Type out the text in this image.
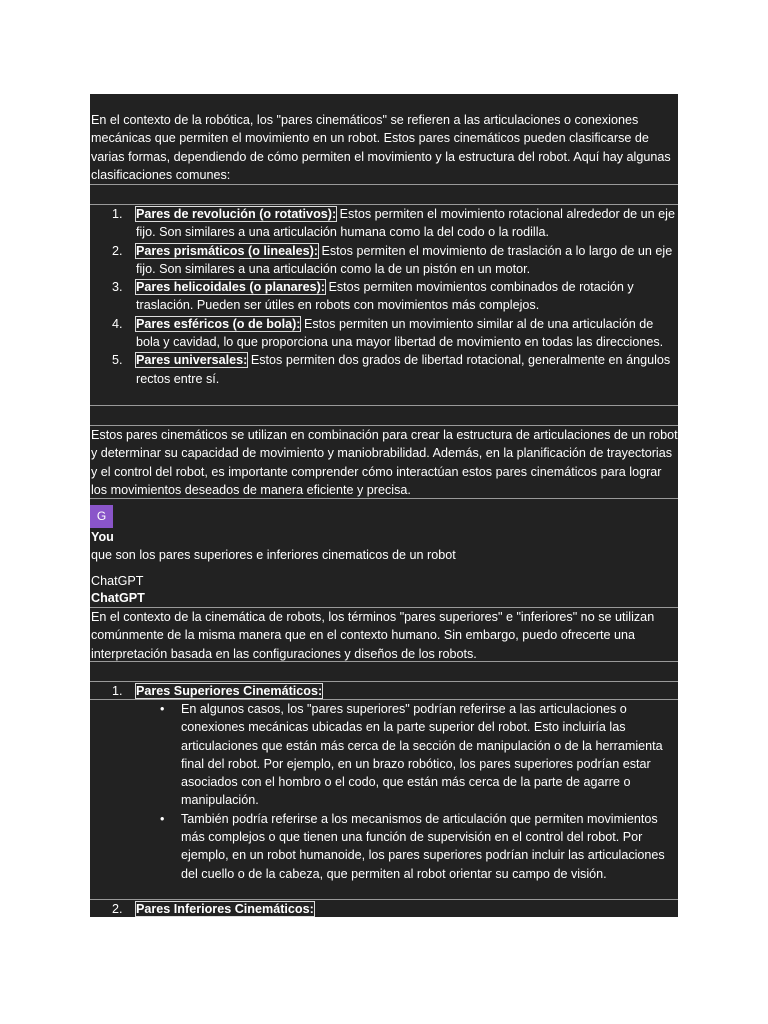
En el contexto de la robótica, los "pares cinemáticos" se refieren a las articulaciones o conexiones mecánicas que permiten el movimiento en un robot. Estos pares cinemáticos pueden clasificarse de varias formas, dependiendo de cómo permiten el movimiento y la estructura del robot. Aquí hay algunas clasificaciones comunes:
1.	Pares de revolución (o rotativos): Estos permiten el movimiento rotacional alrededor de un eje fijo. Son similares a una articulación humana como la del codo o la rodilla.
2.	Pares prismáticos (o lineales): Estos permiten el movimiento de traslación a lo largo de un eje fijo. Son similares a una articulación como la de un pistón en un motor.
3.	Pares helicoidales (o planares): Estos permiten movimientos combinados de rotación y traslación. Pueden ser útiles en robots con movimientos más complejos.
4.	Pares esféricos (o de bola): Estos permiten un movimiento similar al de una articulación de bola y cavidad, lo que proporciona una mayor libertad de movimiento en todas las direcciones.
5.	Pares universales: Estos permiten dos grados de libertad rotacional, generalmente en ángulos rectos entre sí.
Estos pares cinemáticos se utilizan en combinación para crear la estructura de articulaciones de un robot y determinar su capacidad de movimiento y maniobrabilidad. Además, en la planificación de trayectorias y el control del robot, es importante comprender cómo interactúan estos pares cinemáticos para lograr los movimientos deseados de manera eficiente y precisa.
G
You
que son los pares superiores e inferiores cinematicos de un robot
ChatGPT
ChatGPT
En el contexto de la cinemática de robots, los términos "pares superiores" e "inferiores" no se utilizan comúnmente de la misma manera que en el contexto humano. Sin embargo, puedo ofrecerte una interpretación basada en las configuraciones y diseños de los robots.
1.	Pares Superiores Cinemáticos:
• En algunos casos, los "pares superiores" podrían referirse a las articulaciones o conexiones mecánicas ubicadas en la parte superior del robot. Esto incluiría las articulaciones que están más cerca de la sección de manipulación o de la herramienta final del robot. Por ejemplo, en un brazo robótico, los pares superiores podrían estar asociados con el hombro o el codo, que están más cerca de la parte de agarre o manipulación.
• También podría referirse a los mecanismos de articulación que permiten movimientos más complejos o que tienen una función de supervisión en el control del robot. Por ejemplo, en un robot humanoide, los pares superiores podrían incluir las articulaciones del cuello o de la cabeza, que permiten al robot orientar su campo de visión.
2.	Pares Inferiores Cinemáticos:
